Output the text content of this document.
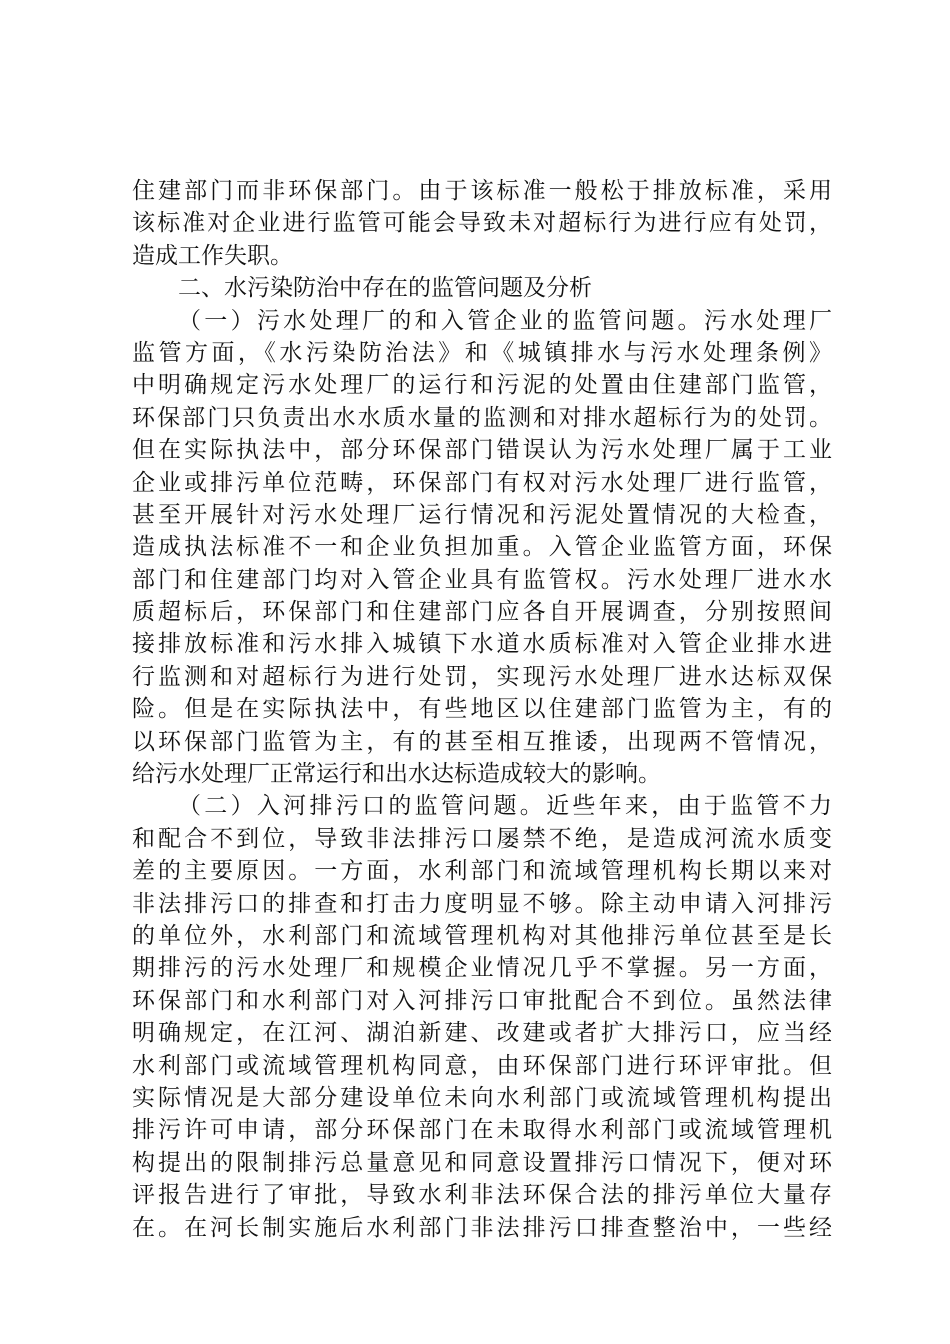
住建部门而非环保部门。由于该标准一般松于排放标准，采用
该标准对企业进行监管可能会导致未对超标行为进行应有处罚，
造成工作失职。
二、水污染防治中存在的监管问题及分析
（一）污水处理厂的和入管企业的监管问题。污水处理厂
监管方面，《水污染防治法》和《城镇排水与污水处理条例》
中明确规定污水处理厂的运行和污泥的处置由住建部门监管，
环保部门只负责出水水质水量的监测和对排水超标行为的处罚。
但在实际执法中，部分环保部门错误认为污水处理厂属于工业
企业或排污单位范畴，环保部门有权对污水处理厂进行监管，
甚至开展针对污水处理厂运行情况和污泥处置情况的大检查，
造成执法标准不一和企业负担加重。入管企业监管方面，环保
部门和住建部门均对入管企业具有监管权。污水处理厂进水水
质超标后，环保部门和住建部门应各自开展调查，分别按照间
接排放标准和污水排入城镇下水道水质标准对入管企业排水进
行监测和对超标行为进行处罚，实现污水处理厂进水达标双保
险。但是在实际执法中，有些地区以住建部门监管为主，有的
以环保部门监管为主，有的甚至相互推诿，出现两不管情况，
给污水处理厂正常运行和出水达标造成较大的影响。
（二）入河排污口的监管问题。近些年来，由于监管不力
和配合不到位，导致非法排污口屡禁不绝，是造成河流水质变
差的主要原因。一方面，水利部门和流域管理机构长期以来对
非法排污口的排查和打击力度明显不够。除主动申请入河排污
的单位外，水利部门和流域管理机构对其他排污单位甚至是长
期排污的污水处理厂和规模企业情况几乎不掌握。另一方面，
环保部门和水利部门对入河排污口审批配合不到位。虽然法律
明确规定，在江河、湖泊新建、改建或者扩大排污口，应当经
水利部门或流域管理机构同意，由环保部门进行环评审批。但
实际情况是大部分建设单位未向水利部门或流域管理机构提出
排污许可申请，部分环保部门在未取得水利部门或流域管理机
构提出的限制排污总量意见和同意设置排污口情况下，便对环
评报告进行了审批，导致水利非法环保合法的排污单位大量存
在。在河长制实施后水利部门非法排污口排查整治中，一些经
